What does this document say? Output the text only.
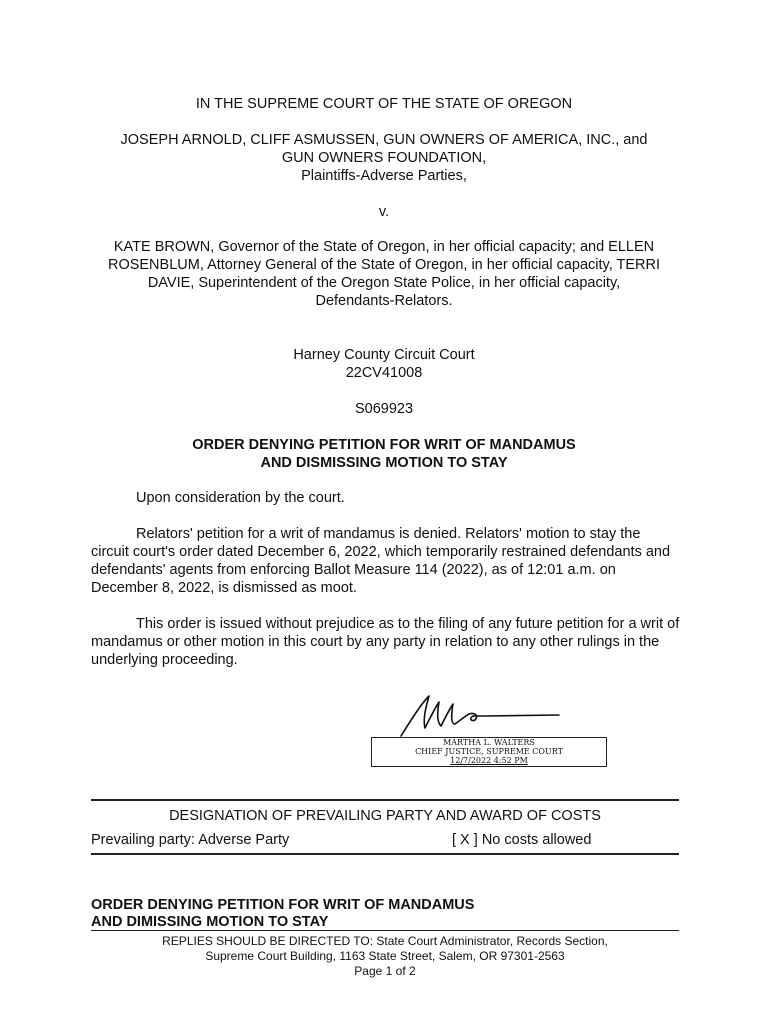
IN THE SUPREME COURT OF THE STATE OF OREGON
JOSEPH ARNOLD, CLIFF ASMUSSEN, GUN OWNERS OF AMERICA, INC., and
GUN OWNERS FOUNDATION,
Plaintiffs-Adverse Parties,
v.
KATE BROWN, Governor of the State of Oregon, in her official capacity; and ELLEN
ROSENBLUM, Attorney General of the State of Oregon, in her official capacity, TERRI
DAVIE, Superintendent of the Oregon State Police, in her official capacity,
Defendants-Relators.
Harney County Circuit Court
22CV41008
S069923
ORDER DENYING PETITION FOR WRIT OF MANDAMUS
AND DISMISSING MOTION TO STAY
Upon consideration by the court.
Relators' petition for a writ of mandamus is denied. Relators' motion to stay the circuit court's order dated December 6, 2022, which temporarily restrained defendants and defendants' agents from enforcing Ballot Measure 114 (2022), as of 12:01 a.m. on December 8, 2022, is dismissed as moot.
This order is issued without prejudice as to the filing of any future petition for a writ of mandamus or other motion in this court by any party in relation to any other rulings in the underlying proceeding.
MARTHA L. WALTERS
CHIEF JUSTICE, SUPREME COURT
12/7/2022 4:52 PM
DESIGNATION OF PREVAILING PARTY AND AWARD OF COSTS
Prevailing party: Adverse Party	[ X ] No costs allowed
ORDER DENYING PETITION FOR WRIT OF MANDAMUS
AND DIMISSING MOTION TO STAY
REPLIES SHOULD BE DIRECTED TO: State Court Administrator, Records Section,
Supreme Court Building, 1163 State Street, Salem, OR 97301-2563
Page 1 of 2
